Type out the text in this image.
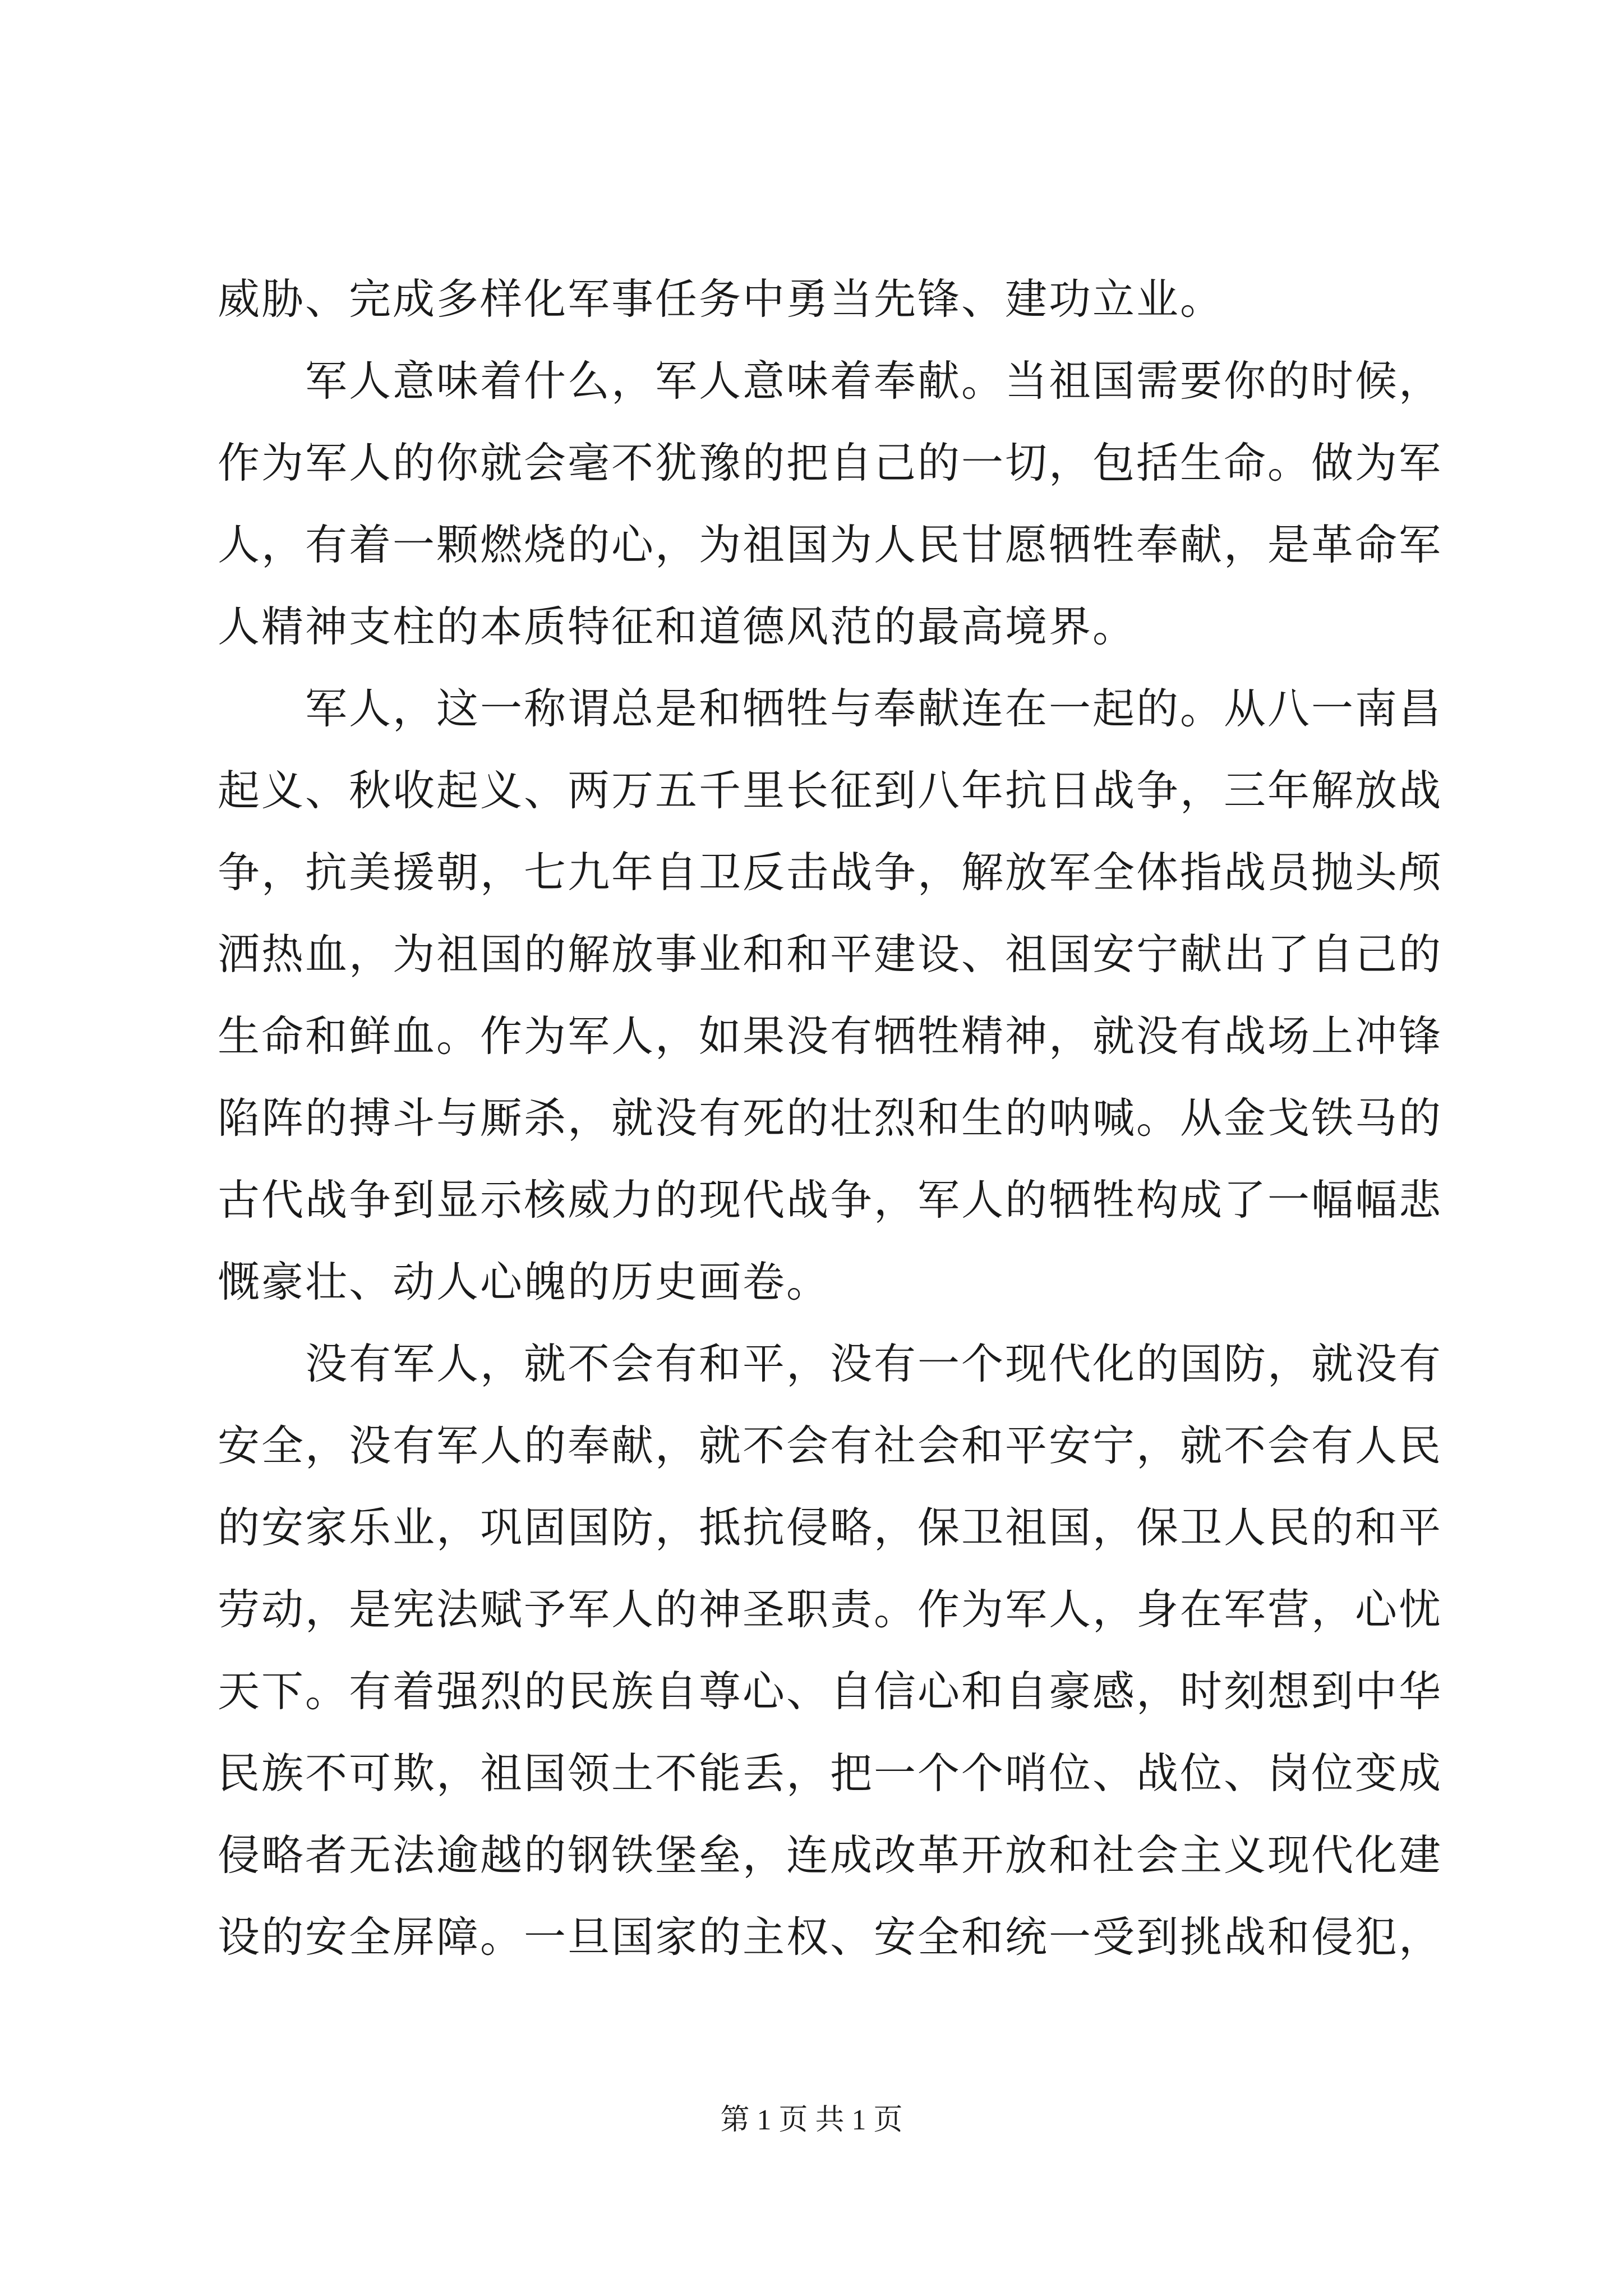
威胁、完成多样化军事任务中勇当先锋、建功立业。
军人意味着什么，军人意味着奉献。当祖国需要你的时候，
作为军人的你就会毫不犹豫的把自己的一切，包括生命。做为军
人，有着一颗燃烧的心，为祖国为人民甘愿牺牲奉献，是革命军
人精神支柱的本质特征和道德风范的最高境界。
军人，这一称谓总是和牺牲与奉献连在一起的。从八一南昌
起义、秋收起义、两万五千里长征到八年抗日战争，三年解放战
争，抗美援朝，七九年自卫反击战争，解放军全体指战员抛头颅
洒热血，为祖国的解放事业和和平建设、祖国安宁献出了自己的
生命和鲜血。作为军人，如果没有牺牲精神，就没有战场上冲锋
陷阵的搏斗与厮杀，就没有死的壮烈和生的呐喊。从金戈铁马的
古代战争到显示核威力的现代战争，军人的牺牲构成了一幅幅悲
慨豪壮、动人心魄的历史画卷。
没有军人，就不会有和平，没有一个现代化的国防，就没有
安全，没有军人的奉献，就不会有社会和平安宁，就不会有人民
的安家乐业，巩固国防，抵抗侵略，保卫祖国，保卫人民的和平
劳动，是宪法赋予军人的神圣职责。作为军人，身在军营，心忧
天下。有着强烈的民族自尊心、自信心和自豪感，时刻想到中华
民族不可欺，祖国领土不能丢，把一个个哨位、战位、岗位变成
侵略者无法逾越的钢铁堡垒，连成改革开放和社会主义现代化建
设的安全屏障。一旦国家的主权、安全和统一受到挑战和侵犯，
第 1 页 共 1 页
